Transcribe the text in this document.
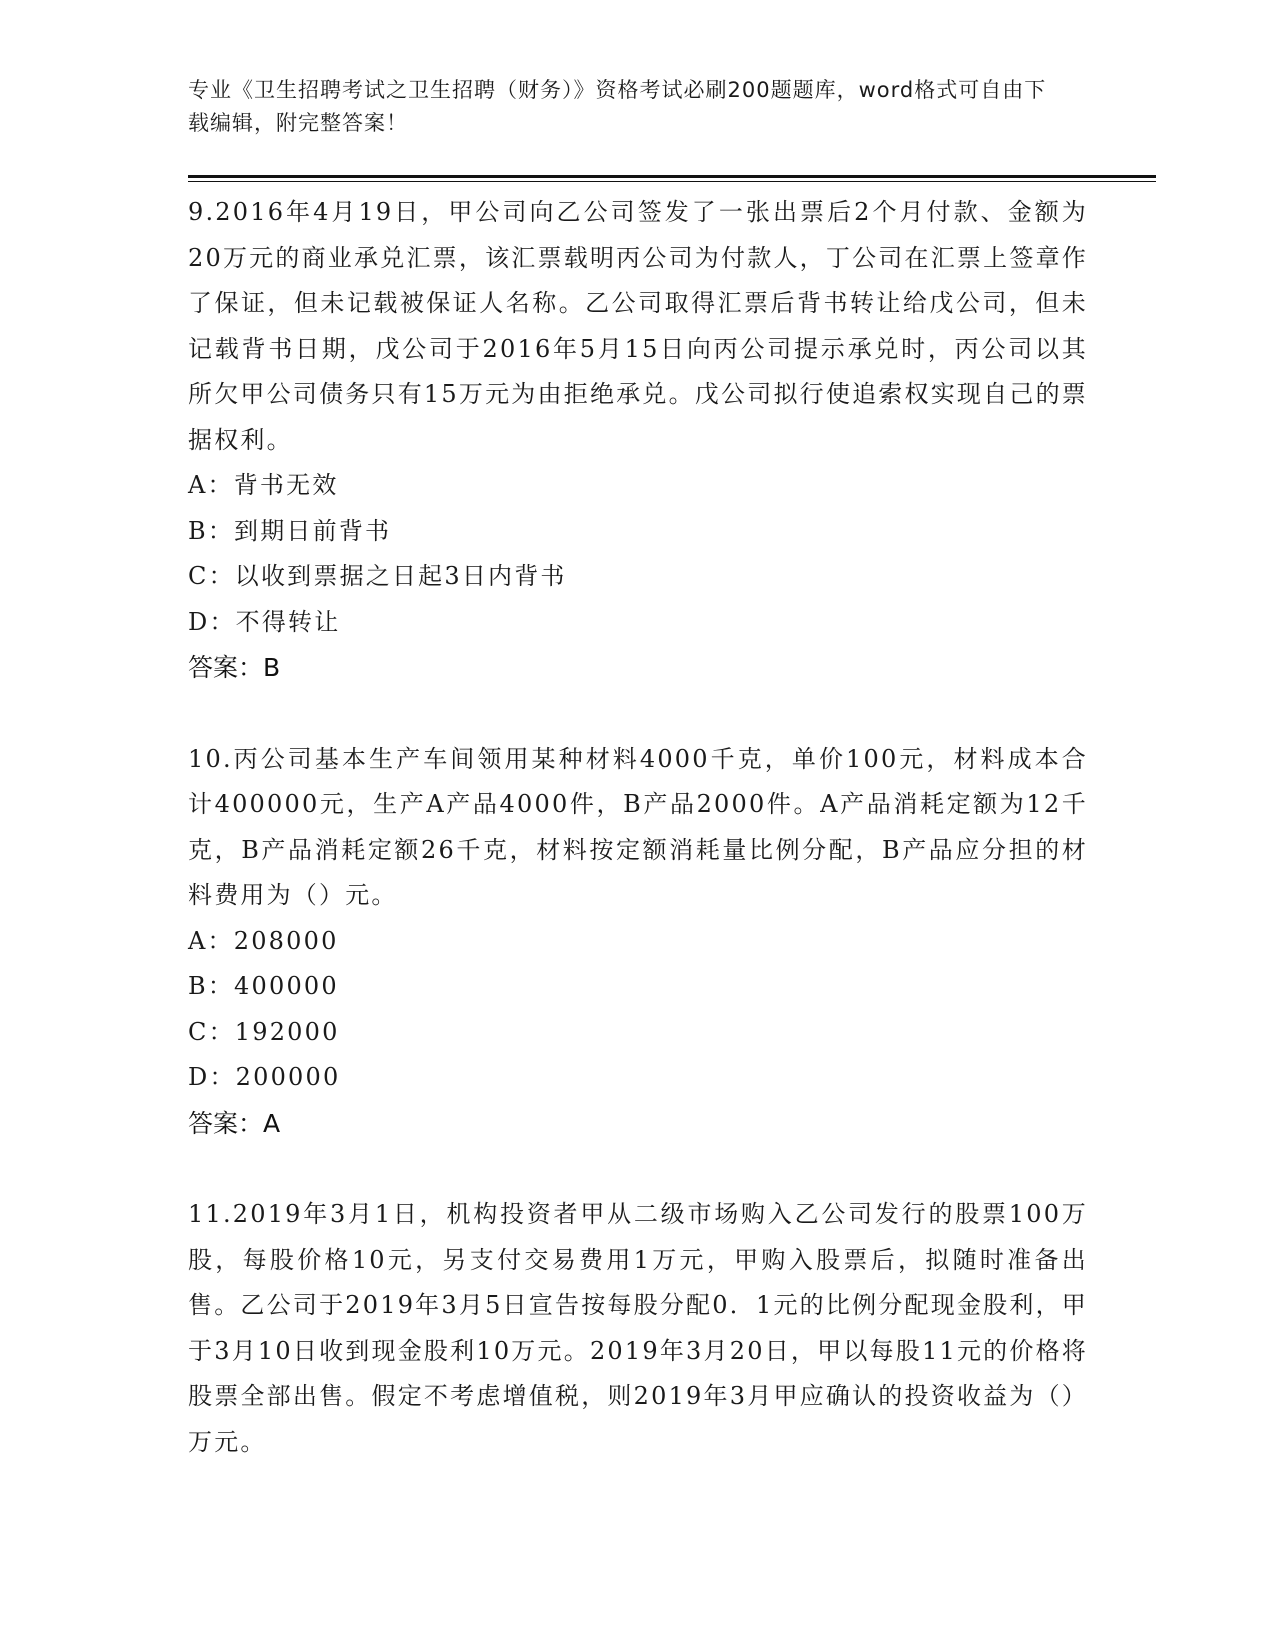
专业《卫生招聘考试之卫生招聘（财务）》资格考试必刷200题题库，word格式可自由下载编辑，附完整答案！
9.2016年4月19日，甲公司向乙公司签发了一张出票后2个月付款、金额为20万元的商业承兑汇票，该汇票载明丙公司为付款人，丁公司在汇票上签章作了保证，但未记载被保证人名称。乙公司取得汇票后背书转让给戊公司，但未记载背书日期，戊公司于2016年5月15日向丙公司提示承兑时，丙公司以其所欠甲公司债务只有15万元为由拒绝承兑。戊公司拟行使追索权实现自己的票据权利。
A：背书无效
B：到期日前背书
C：以收到票据之日起3日内背书
D：不得转让
答案：B
10.丙公司基本生产车间领用某种材料4000千克，单价100元，材料成本合计400000元，生产A产品4000件，B产品2000件。A产品消耗定额为12千克，B产品消耗定额26千克，材料按定额消耗量比例分配，B产品应分担的材料费用为（）元。
A：208000
B：400000
C：192000
D：200000
答案：A
11.2019年3月1日，机构投资者甲从二级市场购入乙公司发行的股票100万股，每股价格10元，另支付交易费用1万元，甲购入股票后，拟随时准备出售。乙公司于2019年3月5日宣告按每股分配0．1元的比例分配现金股利，甲于3月10日收到现金股利10万元。2019年3月20日，甲以每股11元的价格将股票全部出售。假定不考虑增值税，则2019年3月甲应确认的投资收益为（）万元。
